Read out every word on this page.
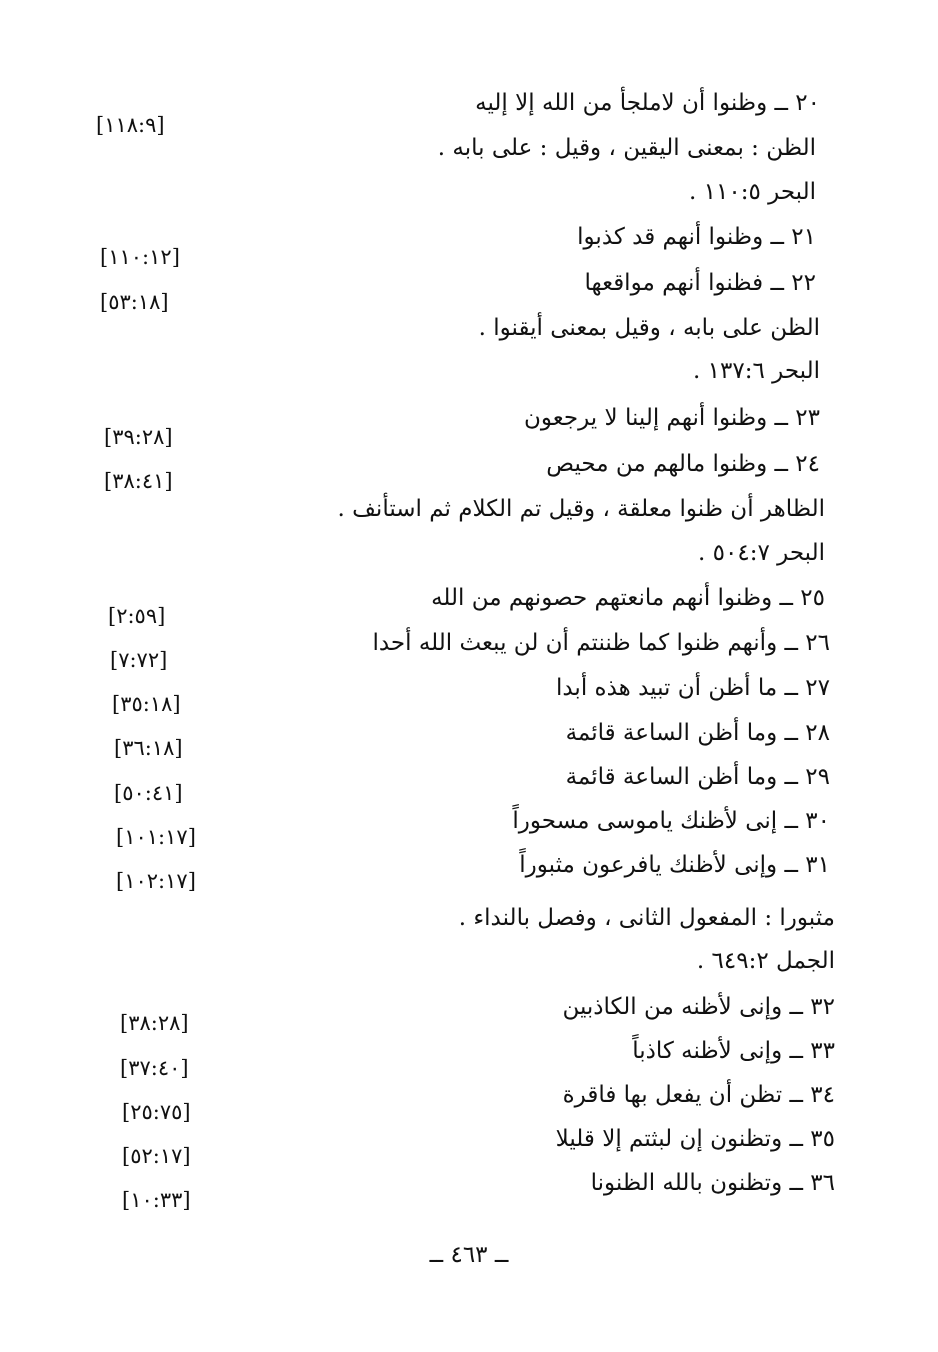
٢٠ ــ وظنوا أن لاملجأ من الله إلا إليه
الظن : بمعنى اليقين ، وقيل : على بابه .
البحر ١١٠:٥ .
٢١ ــ وظنوا أنهم قد كذبوا
٢٢ ــ فظنوا أنهم مواقعها
الظن على بابه ، وقيل بمعنى أيقنوا .
البحر ١٣٧:٦ .
٢٣ ــ وظنوا أنهم إلينا لا يرجعون
٢٤ ــ وظنوا مالهم من محيص
الظاهر أن ظنوا معلقة ، وقيل تم الكلام ثم استأنف .
البحر ٥٠٤:٧ .
٢٥ ــ وظنوا أنهم مانعتهم حصونهم من الله
٢٦ ــ وأنهم ظنوا كما ظننتم أن لن يبعث الله أحدا
٢٧ ــ ما أظن أن تبيد هذه أبدا
٢٨ ــ وما أظن الساعة قائمة
٢٩ ــ وما أظن الساعة قائمة
٣٠ ــ إنى لأظنك ياموسى مسحوراً
٣١ ــ وإنى لأظنك يافرعون مثبوراً
مثبورا : المفعول الثانى ، وفصل بالنداء .
الجمل ٦٤٩:٢ .
٣٢ ــ وإنى لأظنه من الكاذبين
٣٣ ــ وإنى لأظنه كاذباً
٣٤ ــ تظن أن يفعل بها فاقرة
٣٥ ــ وتظنون إن لبثتم إلا قليلا
٣٦ ــ وتظنون بالله الظنونا
[١١٨:٩]
[١١٠:١٢]
[٥٣:١٨]
[٣٩:٢٨]
[٣٨:٤١]
[٢:٥٩]
[٧:٧٢]
[٣٥:١٨]
[٣٦:١٨]
[٥٠:٤١]
[١٠١:١٧]
[١٠٢:١٧]
[٣٨:٢٨]
[٣٧:٤٠]
[٢٥:٧٥]
[٥٢:١٧]
[١٠:٣٣]
ــ ٤٦٣ ــ
